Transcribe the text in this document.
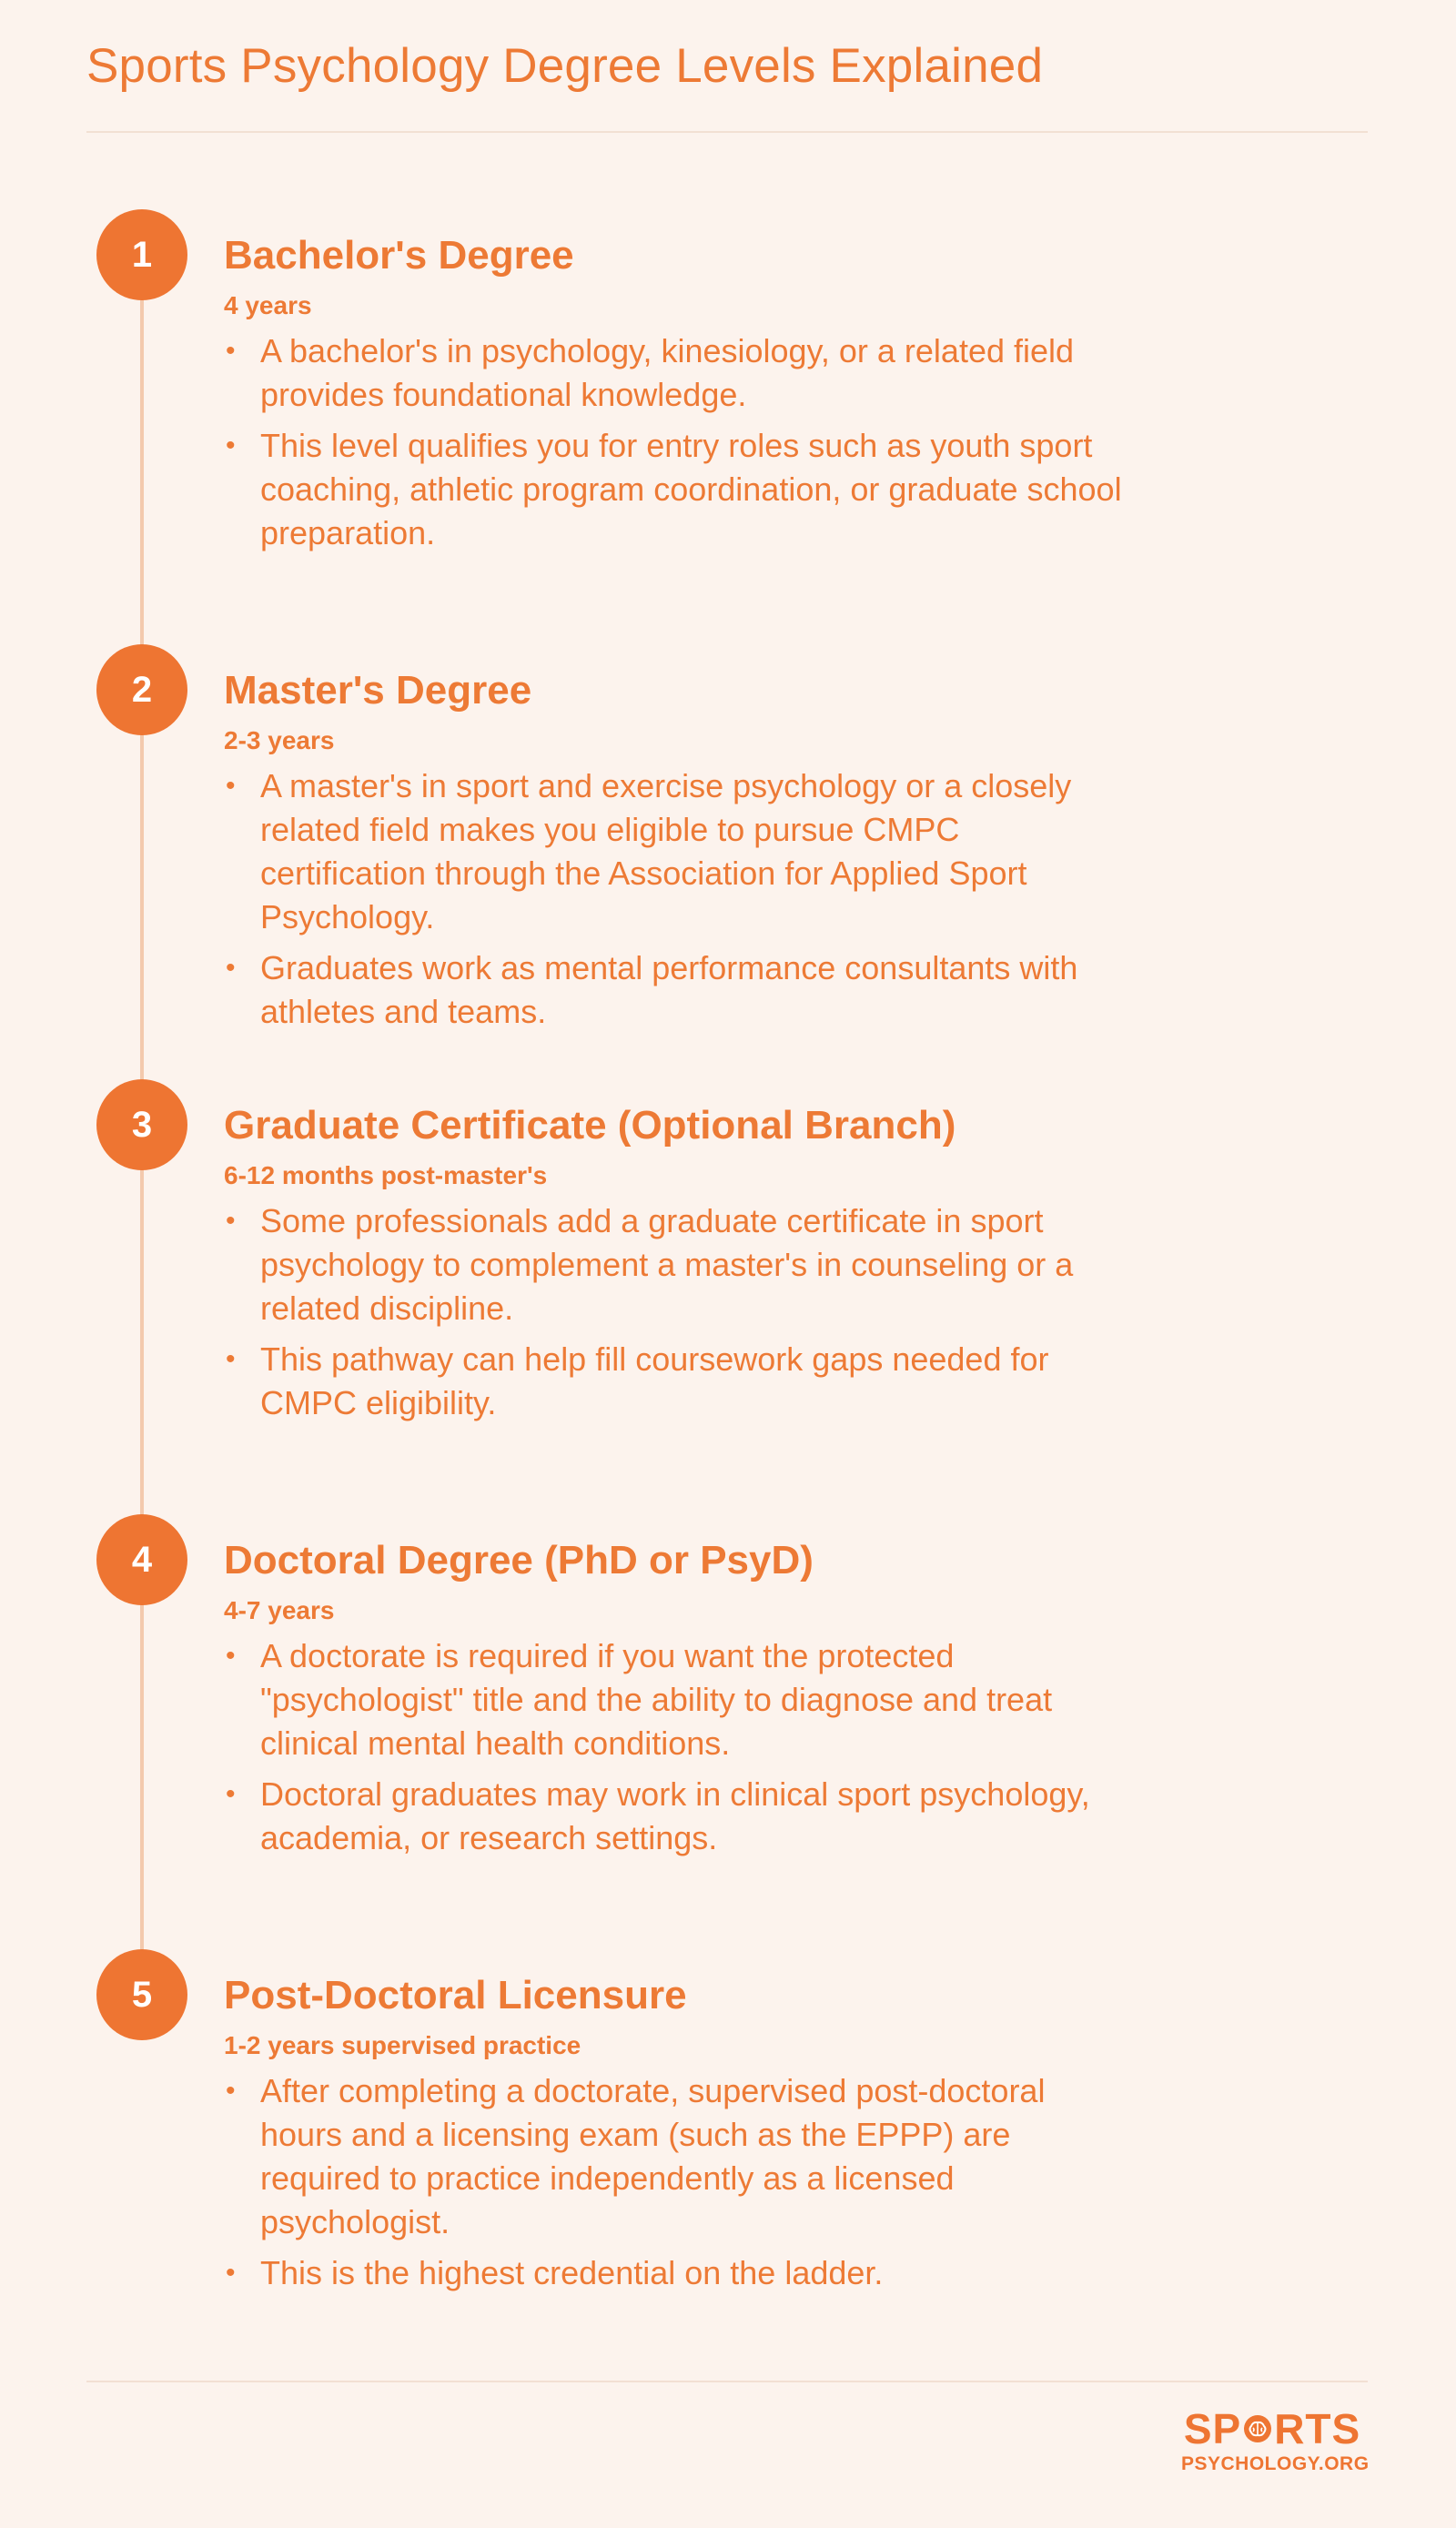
Sports Psychology Degree Levels Explained
1	Bachelor's Degree
4 years
• A bachelor's in psychology, kinesiology, or a related field provides foundational knowledge.
• This level qualifies you for entry roles such as youth sport coaching, athletic program coordination, or graduate school preparation.
2	Master's Degree
2-3 years
• A master's in sport and exercise psychology or a closely related field makes you eligible to pursue CMPC certification through the Association for Applied Sport Psychology.
• Graduates work as mental performance consultants with athletes and teams.
3	Graduate Certificate (Optional Branch)
6-12 months post-master's
• Some professionals add a graduate certificate in sport psychology to complement a master's in counseling or a related discipline.
• This pathway can help fill coursework gaps needed for CMPC eligibility.
4	Doctoral Degree (PhD or PsyD)
4-7 years
• A doctorate is required if you want the protected "psychologist" title and the ability to diagnose and treat clinical mental health conditions.
• Doctoral graduates may work in clinical sport psychology, academia, or research settings.
5	Post-Doctoral Licensure
1-2 years supervised practice
• After completing a doctorate, supervised post-doctoral hours and a licensing exam (such as the EPPP) are required to practice independently as a licensed psychologist.
• This is the highest credential on the ladder.
SP RTS
PSYCHOLOGY.ORG
